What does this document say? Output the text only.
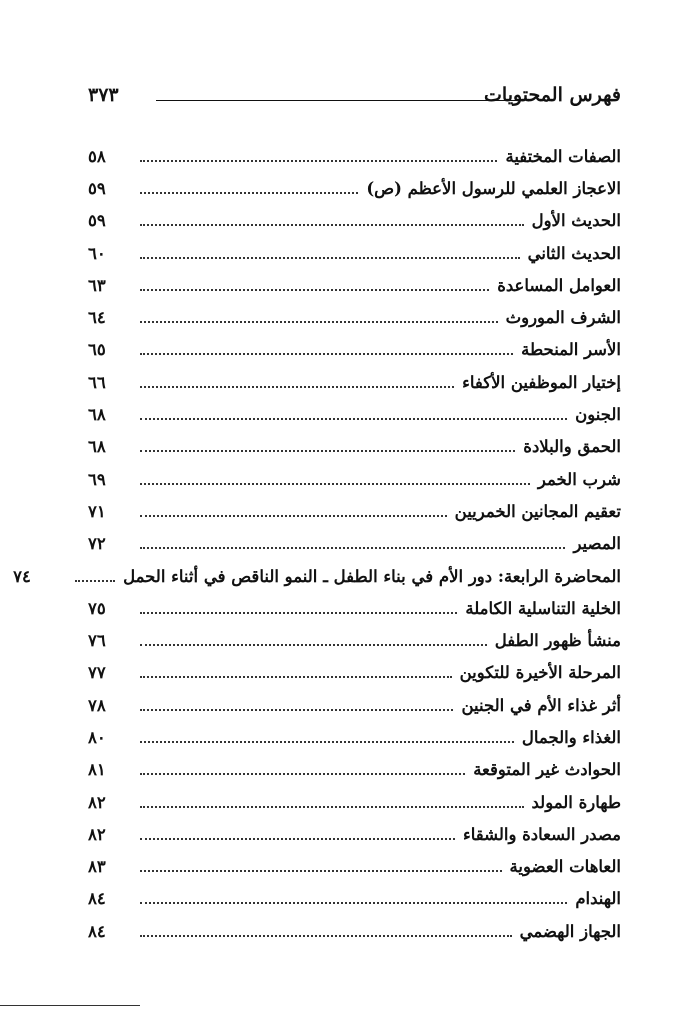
فهرس المحتويات
٣٧٣
الصفات المختفية
٥٨
الاعجاز العلمي للرسول الأعظم (ص)
٥٩
الحديث الأول
٥٩
الحديث الثاني
٦٠
العوامل المساعدة
٦٣
الشرف الموروث
٦٤
الأسر المنحطة
٦٥
إختيار الموظفين الأكفاء
٦٦
الجنون
٦٨
الحمق والبلادة
٦٨
شرب الخمر
٦٩
تعقيم المجانين الخمريين
٧١
المصير
٧٢
المحاضرة الرابعة: دور الأم في بناء الطفل ـ النمو الناقص في أثناء الحمل
٧٤
الخلية التناسلية الكاملة
٧٥
منشأ ظهور الطفل
٧٦
المرحلة الأخيرة للتكوين
٧٧
أثر غذاء الأم في الجنين
٧٨
الغذاء والجمال
٨٠
الحوادث غير المتوقعة
٨١
طهارة المولد
٨٢
مصدر السعادة والشقاء
٨٢
العاهات العضوية
٨٣
الهندام
٨٤
الجهاز الهضمي
٨٤
